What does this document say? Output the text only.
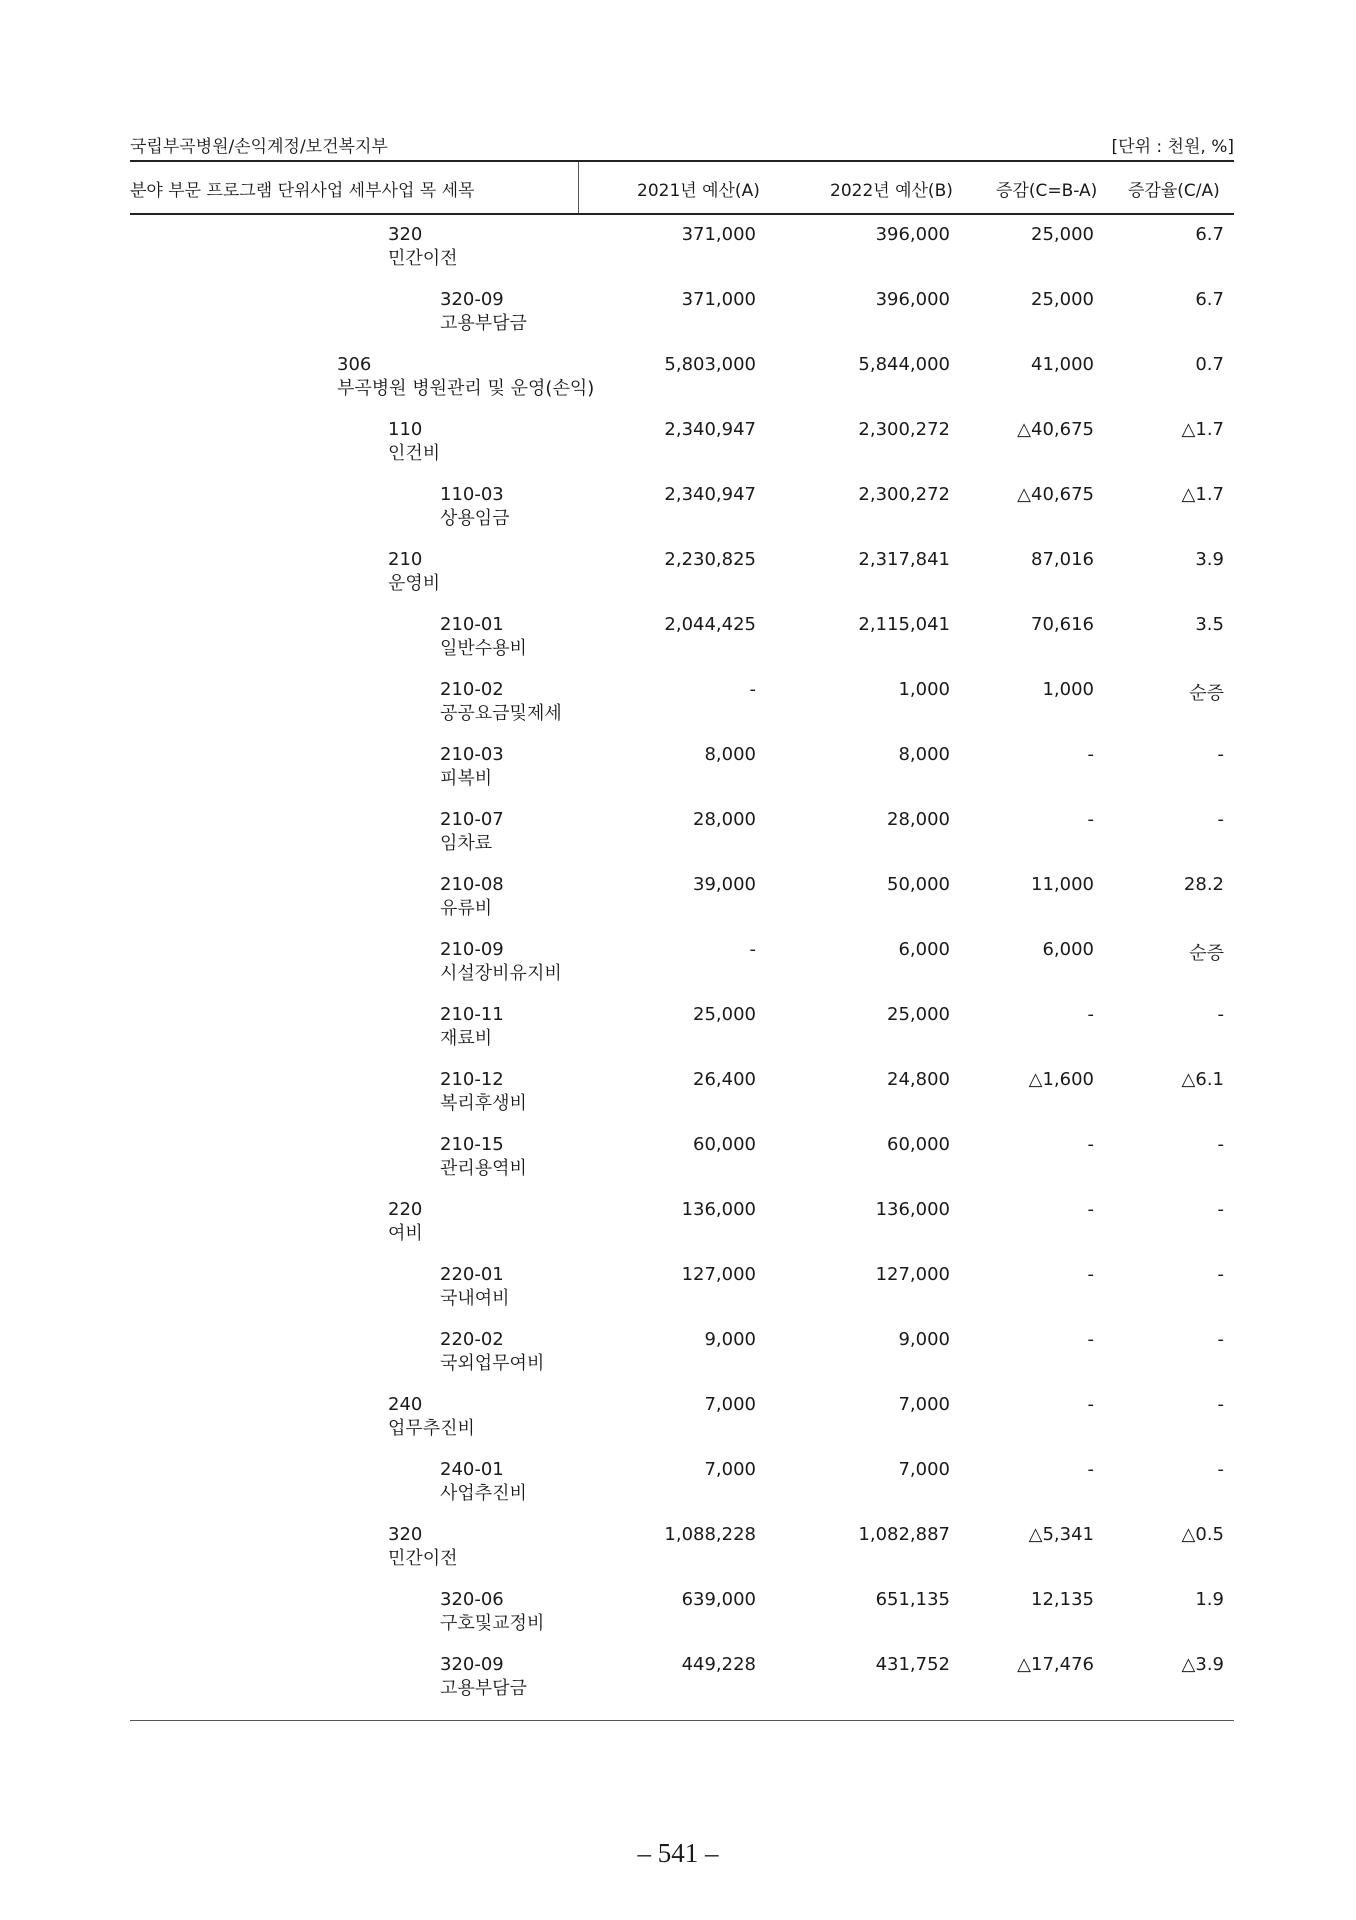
국립부곡병원/손익계정/보건복지부	[단위 : 천원, %]
분야 부문 프로그램 단위사업 세부사업 목 세목	2021년 예산(A)	2022년 예산(B)	증감(C=B-A) 증감율(C/A)
320
민간이전
371,000	396,000	25,000	6.7
320-09
고용부담금
371,000	396,000	25,000	6.7
306
부곡병원 병원관리 및 운영(손익)
5,803,000	5,844,000	41,000	0.7
110
인건비
2,340,947	2,300,272	△40,675	△1.7
110-03
상용임금
2,340,947	2,300,272	△40,675	△1.7
210
운영비
2,230,825	2,317,841	87,016	3.9
210-01
일반수용비
2,044,425	2,115,041	70,616	3.5
210-02
공공요금및제세
-	1,000	1,000	순증
210-03
피복비
8,000	8,000	-	-
210-07
임차료
28,000	28,000	-	-
210-08
유류비
39,000	50,000	11,000	28.2
210-09
시설장비유지비
-	6,000	6,000	순증
210-11
재료비
25,000	25,000	-	-
210-12
복리후생비
26,400	24,800	△1,600	△6.1
210-15
관리용역비
60,000	60,000	-	-
220
여비
136,000	136,000	-	-
220-01
국내여비
127,000	127,000	-	-
220-02
국외업무여비
9,000	9,000	-	-
240
업무추진비
7,000	7,000	-	-
240-01
사업추진비
7,000	7,000	-	-
320
민간이전
1,088,228	1,082,887	△5,341	△0.5
320-06
구호및교정비
639,000	651,135	12,135	1.9
320-09
고용부담금
449,228	431,752	△17,476	△3.9
– 541 –
